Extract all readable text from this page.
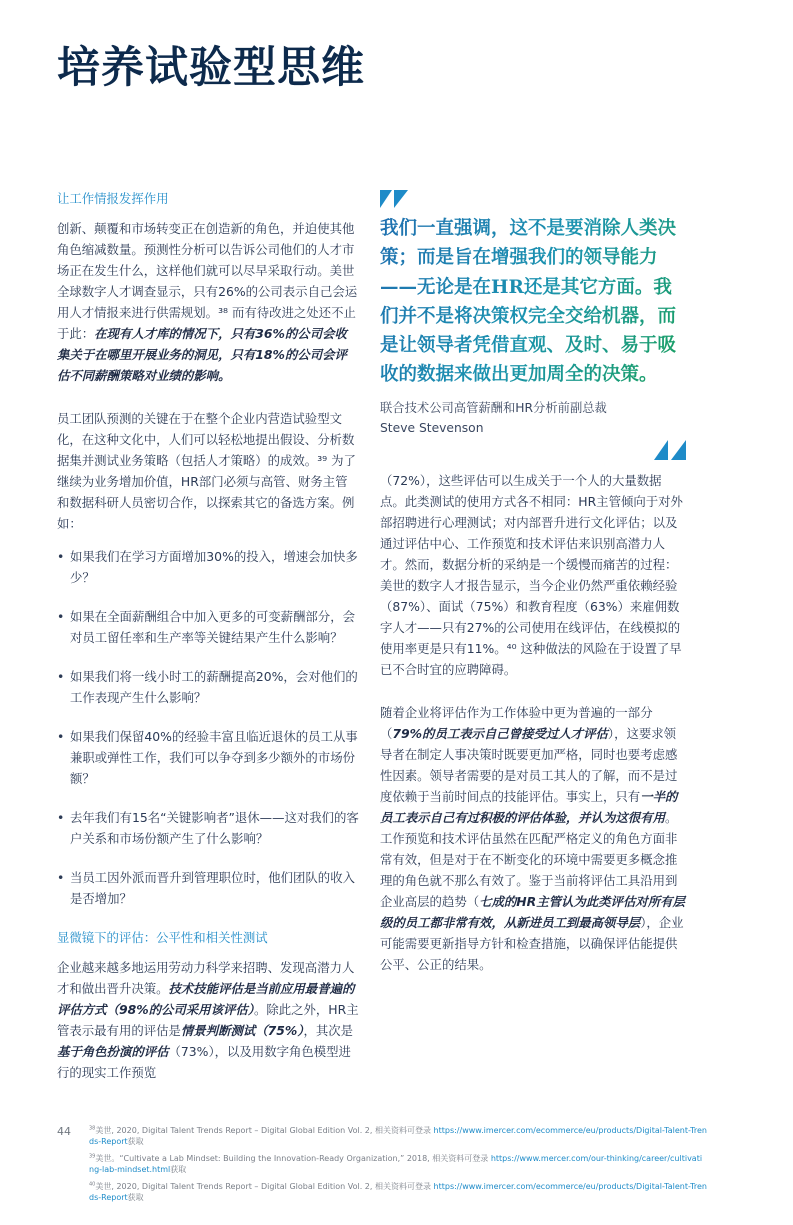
培养试验型思维
让工作情报发挥作用

创新、颠覆和市场转变正在创造新的角色，并迫使其他角色缩减数量。预测性分析可以告诉公司他们的人才市场正在发生什么，这样他们就可以尽早采取行动。美世全球数字人才调查显示，只有26%的公司表示自己会运用人才情报来进行供需规划。³⁸ 而有待改进之处还不止于此：在现有人才库的情况下，只有36%的公司会收集关于在哪里开展业务的洞见，只有18%的公司会评估不同薪酬策略对业绩的影响。

员工团队预测的关键在于在整个企业内营造试验型文化，在这种文化中，人们可以轻松地提出假设、分析数据集并测试业务策略（包括人才策略）的成效。³⁹ 为了继续为业务增加价值，HR部门必须与高管、财务主管和数据科研人员密切合作，以探索其它的备选方案。例如：

• 如果我们在学习方面增加30%的投入，增速会加快多少？
• 如果在全面薪酬组合中加入更多的可变薪酬部分，会对员工留任率和生产率等关键结果产生什么影响？
• 如果我们将一线小时工的薪酬提高20%，会对他们的工作表现产生什么影响？
• 如果我们保留40%的经验丰富且临近退休的员工从事兼职或弹性工作，我们可以争夺到多少额外的市场份额？
• 去年我们有15名“关键影响者”退休——这对我们的客户关系和市场份额产生了什么影响？
• 当员工因外派而晋升到管理职位时，他们团队的收入是否增加？
显微镜下的评估：公平性和相关性测试

企业越来越多地运用劳动力科学来招聘、发现高潜力人才和做出晋升决策。技术技能评估是当前应用最普遍的评估方式（98%的公司采用该评估）。除此之外，HR主管表示最有用的评估是情景判断测试（75%），其次是基于角色扮演的评估（73%），以及用数字角色模型进行的现实工作预览

我们一直强调，这不是要消除人类决策；而是旨在增强我们的领导能力——无论是在HR还是其它方面。我们并不是将决策权完全交给机器，而是让领导者凭借直观、及时、易于吸收的数据来做出更加周全的决策。
联合技术公司高管薪酬和HR分析前副总裁
Steve Stevenson

（72%），这些评估可以生成关于一个人的大量数据点。此类测试的使用方式各不相同：HR主管倾向于对外部招聘进行心理测试；对内部晋升进行文化评估；以及通过评估中心、工作预览和技术评估来识别高潜力人才。然而，数据分析的采纳是一个缓慢而痛苦的过程：美世的数字人才报告显示，当今企业仍然严重依赖经验（87%）、面试（75%）和教育程度（63%）来雇佣数字人才——只有27%的公司使用在线评估，在线模拟的使用率更是只有11%。⁴⁰ 这种做法的风险在于设置了早已不合时宜的应聘障碍。

随着企业将评估作为工作体验中更为普遍的一部分（79%的员工表示自己曾接受过人才评估），这要求领导者在制定人事决策时既要更加严格，同时也要考虑感性因素。领导者需要的是对员工其人的了解，而不是过度依赖于当前时间点的技能评估。事实上，只有一半的员工表示自己有过积极的评估体验，并认为这很有用。工作预览和技术评估虽然在匹配严格定义的角色方面非常有效，但是对于在不断变化的环境中需要更多概念推理的角色就不那么有效了。鉴于当前将评估工具沿用到企业高层的趋势（七成的HR主管认为此类评估对所有层级的员工都非常有效，从新进员工到最高领导层），企业可能需要更新指导方针和检查措施，以确保评估能提供公平、公正的结果。

44	$^{38}$美世, 2020, Digital Talent Trends Report – Digital Global Edition Vol. 2, 相关资料可登录 https://www.imercer.com/ecommerce/eu/products/Digital-Talent-Trends-Report获取
$^{39}$美世。“Cultivate a Lab Mindset: Building the Innovation-Ready Organization,” 2018, 相关资料可登录 https://www.mercer.com/our-thinking/career/cultivating-lab-mindset.html获取
$^{40}$美世, 2020, Digital Talent Trends Report – Digital Global Edition Vol. 2, 相关资料可登录 https://www.imercer.com/ecommerce/eu/products/Digital-Talent-Trends-Report获取
